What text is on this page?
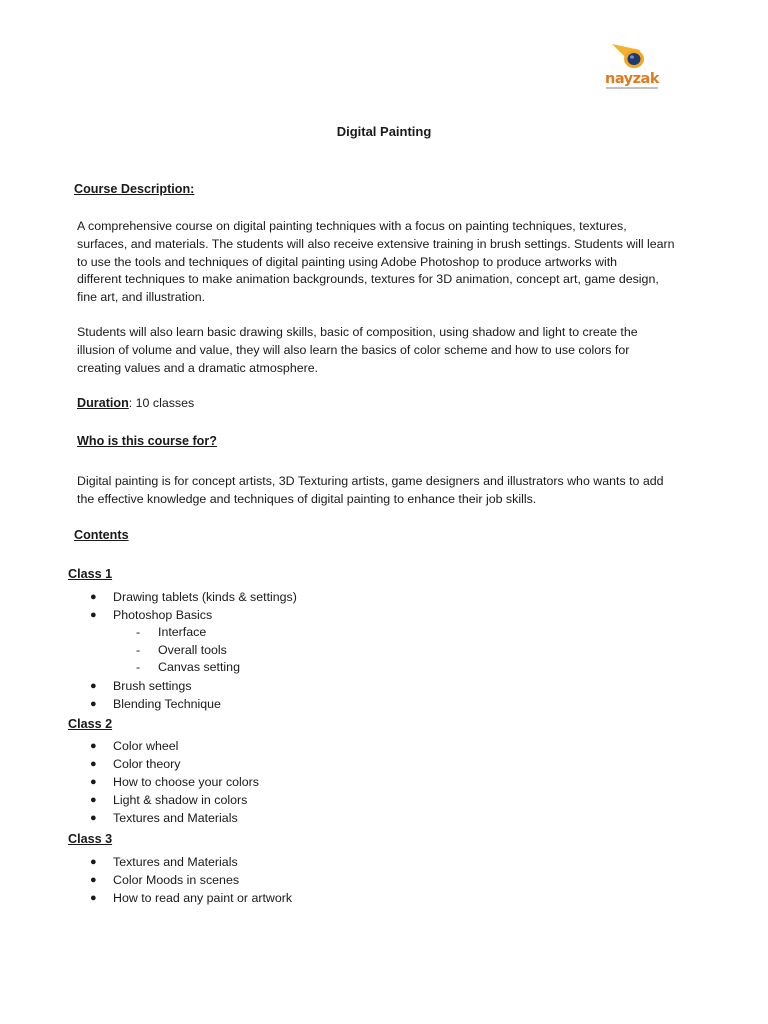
nayzak
Digital Painting
Course Description:

A comprehensive course on digital painting techniques with a focus on painting techniques, textures,
surfaces, and materials. The students will also receive extensive training in brush settings. Students will learn
to use the tools and techniques of digital painting using Adobe Photoshop to produce artworks with
different techniques to make animation backgrounds, textures for 3D animation, concept art, game design,
fine art, and illustration.

Students will also learn basic drawing skills, basic of composition, using shadow and light to create the
illusion of volume and value, they will also learn the basics of color scheme and how to use colors for
creating values and a dramatic atmosphere.

Duration: 10 classes
Who is this course for?

Digital painting is for concept artists, 3D Texturing artists, game designers and illustrators who wants to add
the effective knowledge and techniques of digital painting to enhance their job skills.

Contents
Class 1
● Drawing tablets (kinds & settings)
● Photoshop Basics
- Interface
- Overall tools
- Canvas setting
● Brush settings
● Blending Technique
Class 2
● Color wheel
● Color theory
● How to choose your colors
● Light & shadow in colors
● Textures and Materials
Class 3
● Textures and Materials
● Color Moods in scenes
● How to read any paint or artwork
